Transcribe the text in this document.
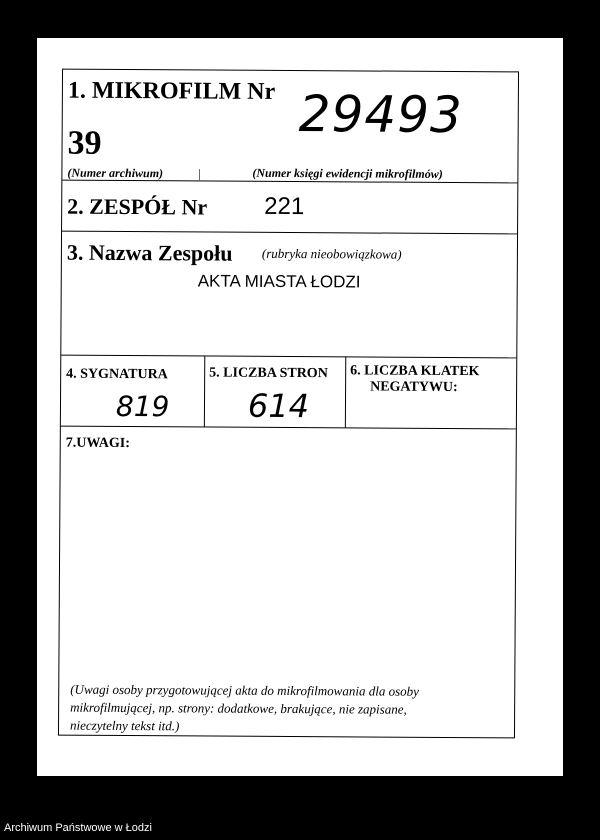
1. MIKROFILM Nr
39	29493
(Numer archiwum)	|	(Numer księgi ewidencji mikrofilmów)
2. ZESPÓŁ Nr 221
3. Nazwa Zespołu (rubryka nieobowiązkowa)
AKTA MIASTA ŁODZI
4. SYGNATURA
819
5. LICZBA STRON
614
6. LICZBA KLATEK
NEGATYWU:
7.UWAGI:
(Uwagi osoby przygotowującej akta do mikrofilmowania dla osoby
mikrofilmującej, np. strony: dodatkowe, brakujące, nie zapisane,
nieczytelny tekst itd.)
Archiwum Państwowe w Łodzi
